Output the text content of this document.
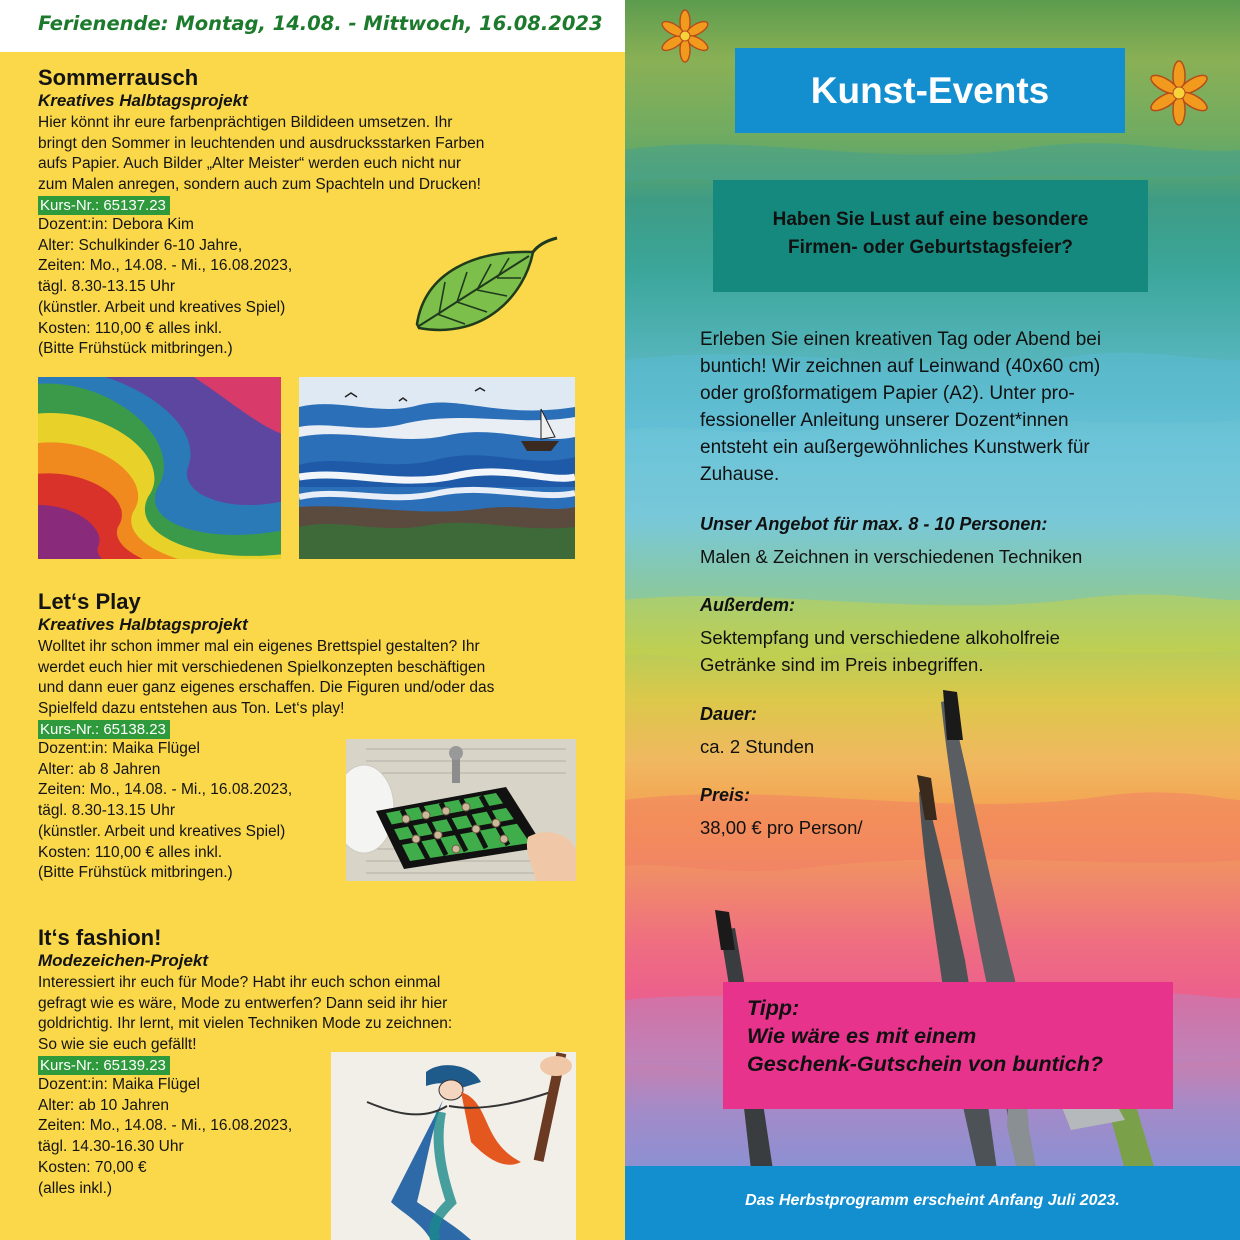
Ferienende: Montag, 14.08. - Mittwoch, 16.08.2023
Sommerrausch
Kreatives Halbtagsprojekt
Hier könnt ihr eure farbenprächtigen Bildideen umsetzen. Ihr
bringt den Sommer in leuchtenden und ausdrucksstarken Farben
aufs Papier. Auch Bilder „Alter Meister“ werden euch nicht nur
zum Malen anregen, sondern auch zum Spachteln und Drucken!
Kurs-Nr.: 65137.23
Dozent:in: Debora Kim
Alter: Schulkinder 6-10 Jahre,
Zeiten: Mo., 14.08. - Mi., 16.08.2023,
tägl. 8.30-13.15 Uhr
(künstler. Arbeit und kreatives Spiel)
Kosten: 110,00 € alles inkl.
(Bitte Frühstück mitbringen.)
Let‘s Play
Kreatives Halbtagsprojekt
Wolltet ihr schon immer mal ein eigenes Brettspiel gestalten? Ihr
werdet euch hier mit verschiedenen Spielkonzepten beschäftigen
und dann euer ganz eigenes erschaffen. Die Figuren und/oder das
Spielfeld dazu entstehen aus Ton. Let‘s play!
Kurs-Nr.: 65138.23
Dozent:in: Maika Flügel
Alter: ab 8 Jahren
Zeiten: Mo., 14.08. - Mi., 16.08.2023,
tägl. 8.30-13.15 Uhr
(künstler. Arbeit und kreatives Spiel)
Kosten: 110,00 € alles inkl.
(Bitte Frühstück mitbringen.)
It‘s fashion!
Modezeichen-Projekt
Interessiert ihr euch für Mode? Habt ihr euch schon einmal
gefragt wie es wäre, Mode zu entwerfen? Dann seid ihr hier
goldrichtig. Ihr lernt, mit vielen Techniken Mode zu zeichnen:
So wie sie euch gefällt!
Kurs-Nr.: 65139.23
Dozent:in: Maika Flügel
Alter: ab 10 Jahren
Zeiten: Mo., 14.08. - Mi., 16.08.2023,
tägl. 14.30-16.30 Uhr
Kosten: 70,00 €
(alles inkl.)
Kunst-Events
Haben Sie Lust auf eine besondere
Firmen- oder Geburtstagsfeier?
Erleben Sie einen kreativen Tag oder Abend bei
buntich! Wir zeichnen auf Leinwand (40x60 cm)
oder großformatigem Papier (A2). Unter pro-
fessioneller Anleitung unserer Dozent*innen
entsteht ein außergewöhnliches Kunstwerk für
Zuhause.
Unser Angebot für max. 8 - 10 Personen:
Malen & Zeichnen in verschiedenen Techniken
Außerdem:
Sektempfang und verschiedene alkoholfreie
Getränke sind im Preis inbegriffen.
Dauer:
ca. 2 Stunden
Preis:
38,00 € pro Person/
Tipp:
Wie wäre es mit einem
Geschenk-Gutschein von buntich?
Das Herbstprogramm erscheint Anfang Juli 2023.
